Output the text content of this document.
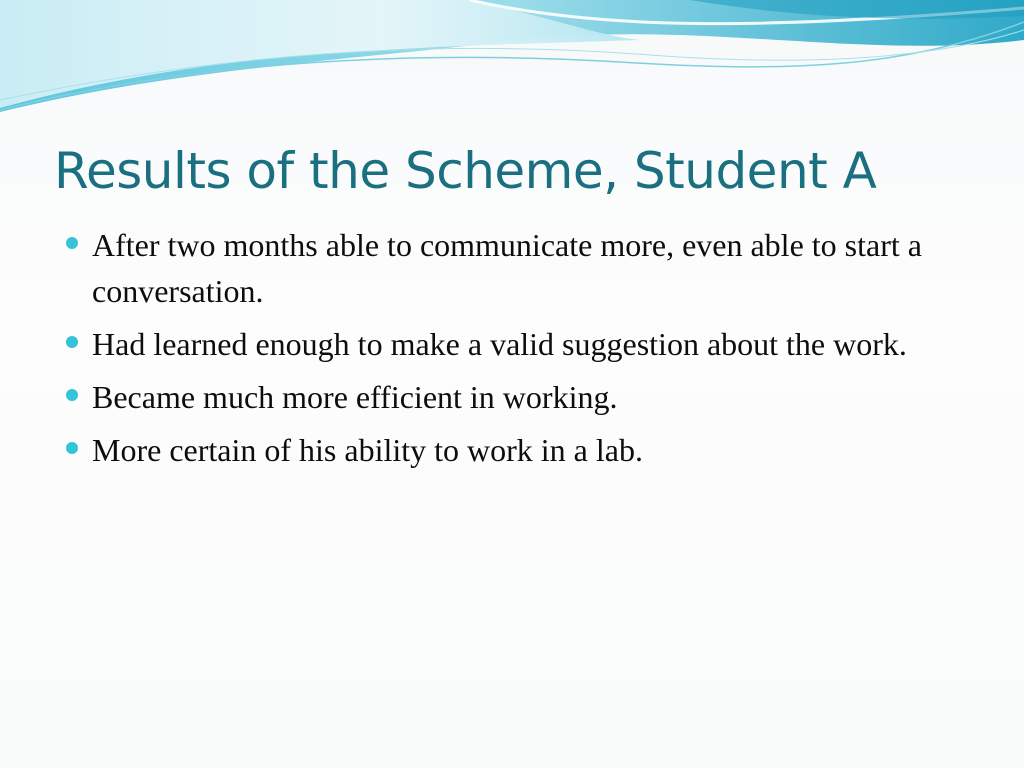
Results of the Scheme, Student A
After two months able to communicate more, even able to start a conversation.
Had learned enough to make a valid suggestion about the work.
Became much more efficient in working.
More certain of his ability to work in a lab.
